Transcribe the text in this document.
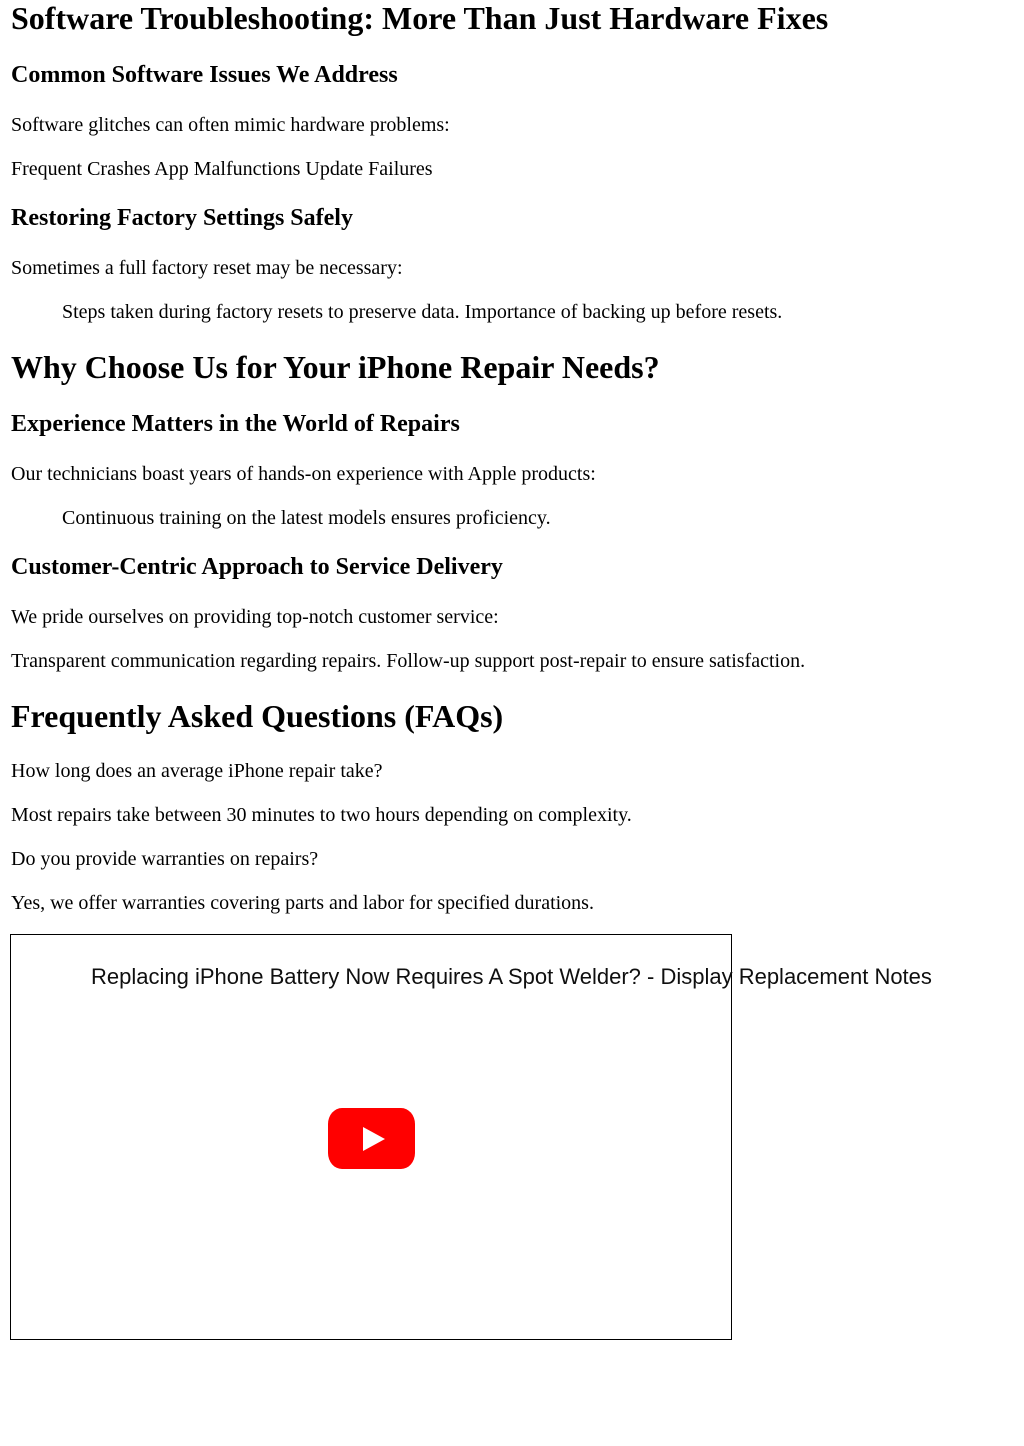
Software Troubleshooting: More Than Just Hardware Fixes
Common Software Issues We Address

Software glitches can often mimic hardware problems:

Frequent Crashes App Malfunctions Update Failures

Restoring Factory Settings Safely

Sometimes a full factory reset may be necessary:

Steps taken during factory resets to preserve data. Importance of backing up before resets.

Why Choose Us for Your iPhone Repair Needs?
Experience Matters in the World of Repairs

Our technicians boast years of hands-on experience with Apple products:

Continuous training on the latest models ensures proficiency.

Customer-Centric Approach to Service Delivery

We pride ourselves on providing top-notch customer service:

Transparent communication regarding repairs. Follow-up support post-repair to ensure satisfaction.

Frequently Asked Questions (FAQs)

How long does an average iPhone repair take?

Most repairs take between 30 minutes to two hours depending on complexity.

Do you provide warranties on repairs?

Yes, we offer warranties covering parts and labor for specified durations.

Replacing iPhone Battery Now Requires A Spot Welder? - Display Replacement Notes
